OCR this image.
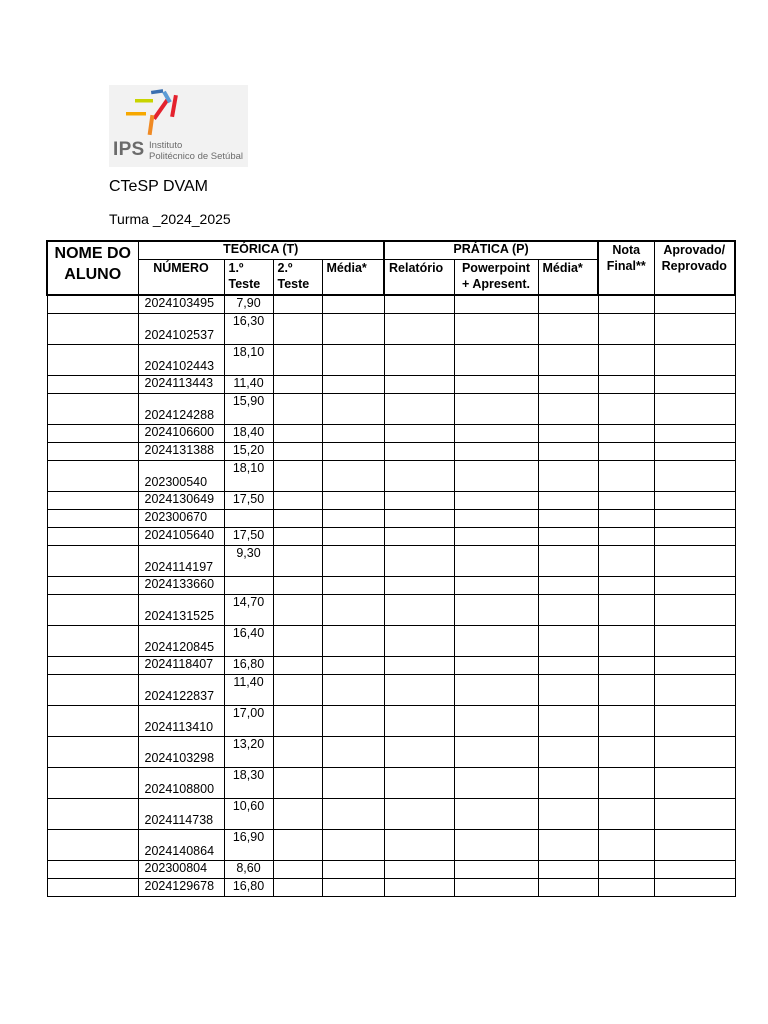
IPS Instituto
Politécnico de Setúbal
CTeSP DVAM
Turma _2024_2025
NOME DO ALUNO	TEÓRICA (T)				PRÁTICA (P)			Nota Final**	Aprovado/ Reprovado
	NÚMERO	1.º Teste	2.º Teste	Média*	Relatório	Powerpoint + Apresent.	Média*		
	2024103495	7,90							
	2024102537	16,30							
	2024102443	18,10							
	2024113443	11,40							
	2024124288	15,90							
	2024106600	18,40							
	2024131388	15,20							
	202300540	18,10							
	2024130649	17,50							
	202300670								
	2024105640	17,50							
	2024114197	9,30							
	2024133660								
	2024131525	14,70							
	2024120845	16,40							
	2024118407	16,80							
	2024122837	11,40							
	2024113410	17,00							
	2024103298	13,20							
	2024108800	18,30							
	2024114738	10,60							
	2024140864	16,90							
	202300804	8,60							
	2024129678	16,80							
